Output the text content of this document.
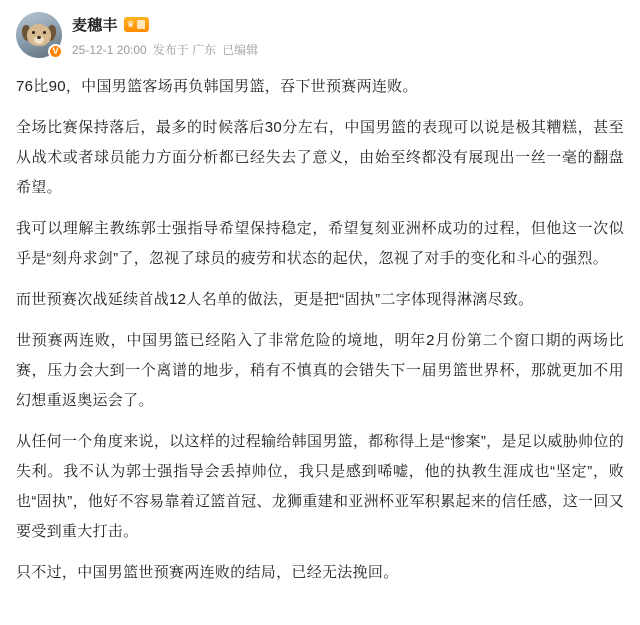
V
麦穗丰 ♛
25-12-1 20:00 发布于 广东 已编辑

76比90，中国男篮客场再负韩国男篮，吞下世预赛两连败。

全场比赛保持落后，最多的时候落后30分左右，中国男篮的表现可以说是极其糟糕，甚至从战术或者球员能力方面分析都已经失去了意义，由始至终都没有展现出一丝一毫的翻盘希望。

我可以理解主教练郭士强指导希望保持稳定，希望复刻亚洲杯成功的过程，但他这一次似乎是“刻舟求剑”了，忽视了球员的疲劳和状态的起伏，忽视了对手的变化和斗心的强烈。

而世预赛次战延续首战12人名单的做法，更是把“固执”二字体现得淋漓尽致。

世预赛两连败，中国男篮已经陷入了非常危险的境地，明年2月份第二个窗口期的两场比赛，压力会大到一个离谱的地步，稍有不慎真的会错失下一届男篮世界杯，那就更加不用幻想重返奥运会了。

从任何一个角度来说，以这样的过程输给韩国男篮，都称得上是“惨案”，是足以威胁帅位的失利。我不认为郭士强指导会丢掉帅位，我只是感到唏嘘，他的执教生涯成也“坚定”，败也“固执”，他好不容易靠着辽篮首冠、龙狮重建和亚洲杯亚军积累起来的信任感，这一回又要受到重大打击。

只不过，中国男篮世预赛两连败的结局，已经无法挽回。
